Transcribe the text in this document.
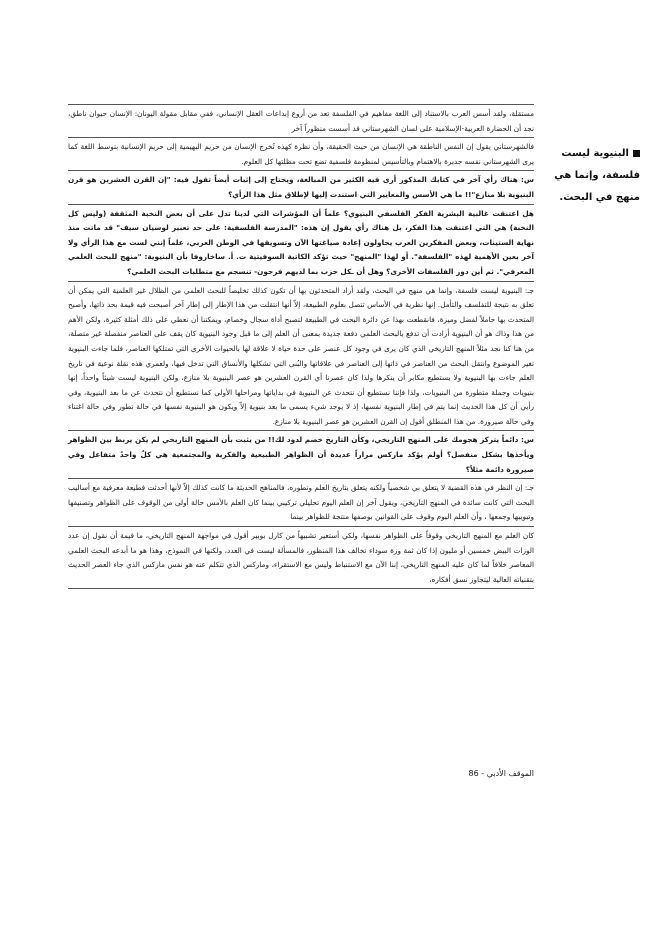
البنيوية ليست فلسفة، وإنما هي منهج في البحث.

مستقلة، ولقد أسس العرب بالاستناد إلى اللغة مفاهيم في الفلسفة تعد من أروع إبداعات العقل الإنساني، ففي مقابل مقولة اليونان: الإنسان حيوان ناطق، نجد أن الحضارة العربية-الإسلامية على لسان الشهرستاني قد أسست منظوراً آخر

فالشهرستاني يقول إن النفس الناطقة هي الإنسان من حيث الحقيقة، وأن نظرة كهذه تُخرج الإنسان من حريم البهيمية إلى حريم الإنسانية بتوسط اللغة كما يرى الشهرستاني نفسه جديرة بالاهتمام وبالتأسيس لمنظومة فلسفية تضع تحت مظلتها كل العلوم.

س: هناك رأي آخر في كتابك المذكور أرى فيه الكثير من المبالغة، ويحتاج إلى إثبات أيضاً تقول فيه: "إن القرن العشرين هو قرن البنيوية بلا منازع"!! ما هي الأسس والمعايير التي استندت إليها لإطلاق مثل هذا الرأي؟

هل اعتنقت غالبية البشرية الفكر الفلسفي البنيوي؟ علماً أن المؤشرات التي لدينا تدل على أن بعض النخبة المثقفة (وليس كل النخبة) هي التي اعتنقت هذا الفكر، بل هناك رأي يقول إن هذه: "المدرسة الفلسفية: على حد تعبير لوسيان سيف" قد ماتت منذ نهاية الستينات، وبعض المفكرين العرب يحاولون إعادة صياغتها الآن وتسويقها في الوطن العربي، علماً إنني لست مع هذا الرأي ولا آخر بعين الأهمية لهذه "الفلسفة". أو لهذا "المنهج" حيث تؤكد الكاتبة السوفيتية ت. أ. ساخاروفا بأن البنيوية: "منهج للبحث العلمي المعرفي". ثم أين دور الفلسفات الأخرى؟ وهل أن ـكل حزب بما لديهم فرحون- تنسجم مع متطلبات البحث العلمي؟

جـ: البنيوية ليست فلسفة، وإنما هي منهج في البحث، ولقد أراد المتحدثون بها أن تكون كذلك تخليصاً للبحث العلمي من الظلال غير العلمية التي يمكن أن تعلق به نتيجة للتفلسف والتأمل. إنها نظرية في الأساس تتصل بعلوم الطبيعة، إلاّ أنها انتقلت من هذا الإطار إلى إطار آخر أصبحت فيه قيمة بحد ذاتها، وأصبح المتحدث بها حاملاً لفضل وميزة، فانقطعت بهذا عن دائرة البحث في الطبيعة لتصبح أداة سجال وخصام، ويمكننا أن نعطي على ذلك أمثلة كثيرة، ولكن الأهم من هذا وذاك هو أن البنيوية أرادت أن تدفع بالبحث العلمي دفعة جديدة بمعنى أن العلم إلى ما قبل وجود البنيوية كان يقف على العناصر منفصلة غير متصلة، من هنا كنا نجد مثلاً المنهج التاريخي الذي كان يرى في وجود كل عنصر على حدة حياة لا علاقة لها بالحيوات الأخرى التي تمتلكها العناصر، فلما جاءت البنيوية تغير الموضوع وانتقل البحث من العناصر في ذاتها إلى العناصر في علاقاتها والبُنى التي تشكلها والأنساق التي تدخل فيها، ولعمري هذه نقلة نوعية في تاريخ العلم جاءت بها البنيوية ولا يستطيع مكابر أن ينكرها ولذا كان عصرنا أي القرن العشرين هو عصر البنيوية بلا منازع، ولكن البنيوية ليست شيئاً واحداً، إنها بنيويات وجملة متطورة من البنيويات، ولذا فإننا نستطيع أن نتحدث عن البنيوية في بداياتها ومراحلها الأولى كما نستطيع أن نتحدث عن ما بعد البنيوية، وفي رأيي أن كل هذا الحديث إنما يتم في إطار البنيوية نفسها، إذ لا يوجد شيء يسمى ما بعد بنيوية إلاّ ويكون هو البنيوية نفسها في حالة تطور وفي حالة اغتناء وفي حالة صيرورة. من هذا المنطلق أقول إن القرن العشرين هو عصر البنيوية بلا منازع.

س: دائماً يتركز هجومك على المنهج التاريخي، وكأن التاريخ خصم لدود لك!! من يثبت بأن المنهج التاريخي لم يكن يربط بين الظواهر ويأخذها بشكل منفصل؟ أولم يؤكد ماركس مراراً عديدة أن الظواهر الطبيعية والفكرية والمجتمعية هي كلٌ واحدٌ متفاعل وفي صيرورة دائمة مثلاً؟

جـ: إن النظر في هذه القضية لا يتعلق بي شخصياً ولكنه يتعلق بتاريخ العلم وتطوره، فالمناهج الحديثة ما كانت كذلك إلاّ لأنها أحدثت قطيعة معرفية مع أساليب البحث التي كانت سائدة في المنهج التاريخي، ويقول آخر إن العلم اليوم تحليلي تركيبي بينما كان العلم بالأمس حالة أولى من الوقوف على الظواهر وتصنيفها وتبويبها وجمعها ، وأن العلم اليوم وقوف على القوانين بوصفها منتجة للظواهر بينما

كان العلم مع المنهج التاريخي وقوفاً على الظواهر نفسها، ولكي أستعير تشبيهاً من كارل بوبير أقول في مواجهة المنهج التاريخي، ما قيمة أن نقول إن عدد الوزات البيض خمسين أو مليون إذا كان ثمة وزة سوداء تخالف هذا المنظور، فالمسألة ليست في العدد، ولكنها في النموذج، وهذا هو ما أبدعه البحث العلمي المعاصر خلافاً لما كان عليه المنهج التاريخي، إننا الآن مع الاستنباط وليس مع الاستقراء، وماركس الذي تتكلم عنه هو نفس ماركس الذي جاء العصر الحديث بتقنياته العالية ليتجاوز نسق أفكاره،

الموقف الأدبي - 86
